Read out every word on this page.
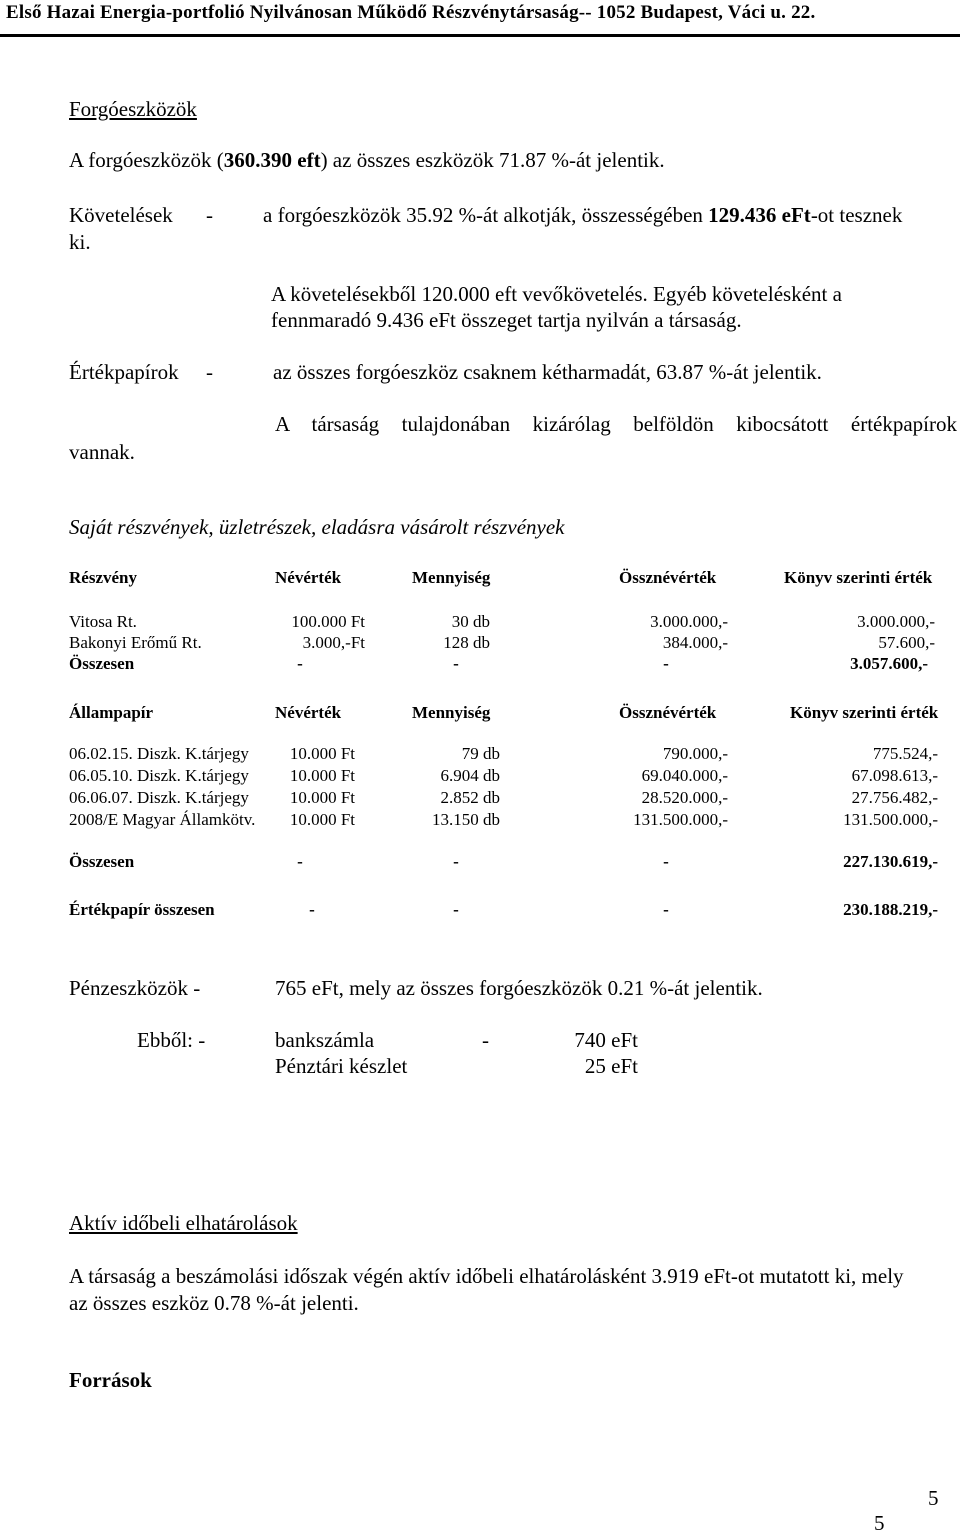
Első Hazai Energia-portfolió Nyilvánosan Működő Részvénytársaság-- 1052 Budapest, Váci u. 22.
Forgóeszközök
A forgóeszközök (360.390 eft) az összes eszközök 71.87 %-át jelentik.
Követelések - a forgóeszközök 35.92 %-át alkotják, összességében 129.436 eFt-ot tesznek
ki.
A követelésekből 120.000 eft vevőkövetelés. Egyéb követelésként a
fennmaradó 9.436 eFt összeget tartja nyilván a társaság.
Értékpapírok -	az összes forgóeszköz csaknem kétharmadát, 63.87 %-át jelentik.
A társaság tulajdonában kizárólag belföldön kibocsátott értékpapírok
vannak.
Saját részvények, üzletrészek, eladásra vásárolt részvények
Részvény	Névérték	Mennyiség	Össznévérték	Könyv szerinti érték
Vitosa Rt.	100.000 Ft	30 db	3.000.000,-	3.000.000,-
Bakonyi Erőmű Rt.	3.000,-Ft	128 db	384.000,-	57.600,-
Összesen	-	-	-	3.057.600,-
Állampapír	Névérték	Mennyiség	Össznévérték	Könyv szerinti érték
06.02.15. Diszk. K.tárjegy	10.000 Ft	79 db	790.000,-	775.524,-
06.05.10. Diszk. K.tárjegy	10.000 Ft	6.904 db	69.040.000,-	67.098.613,-
06.06.07. Diszk. K.tárjegy	10.000 Ft	2.852 db	28.520.000,-	27.756.482,-
2008/E Magyar Államkötv.	10.000 Ft	13.150 db	131.500.000,-	131.500.000,-
Összesen	-	-	-	227.130.619,-
Értékpapír összesen	-	-	-	230.188.219,-
Pénzeszközök -	765 eFt, mely az összes forgóeszközök 0.21 %-át jelentik.
Ebből: -	bankszámla	-	740 eFt
Pénztári készlet	25 eFt
Aktív időbeli elhatárolások
A társaság a beszámolási időszak végén aktív időbeli elhatárolásként 3.919 eFt-ot mutatott ki, mely
az összes eszköz 0.78 %-át jelenti.
Források
5
5
